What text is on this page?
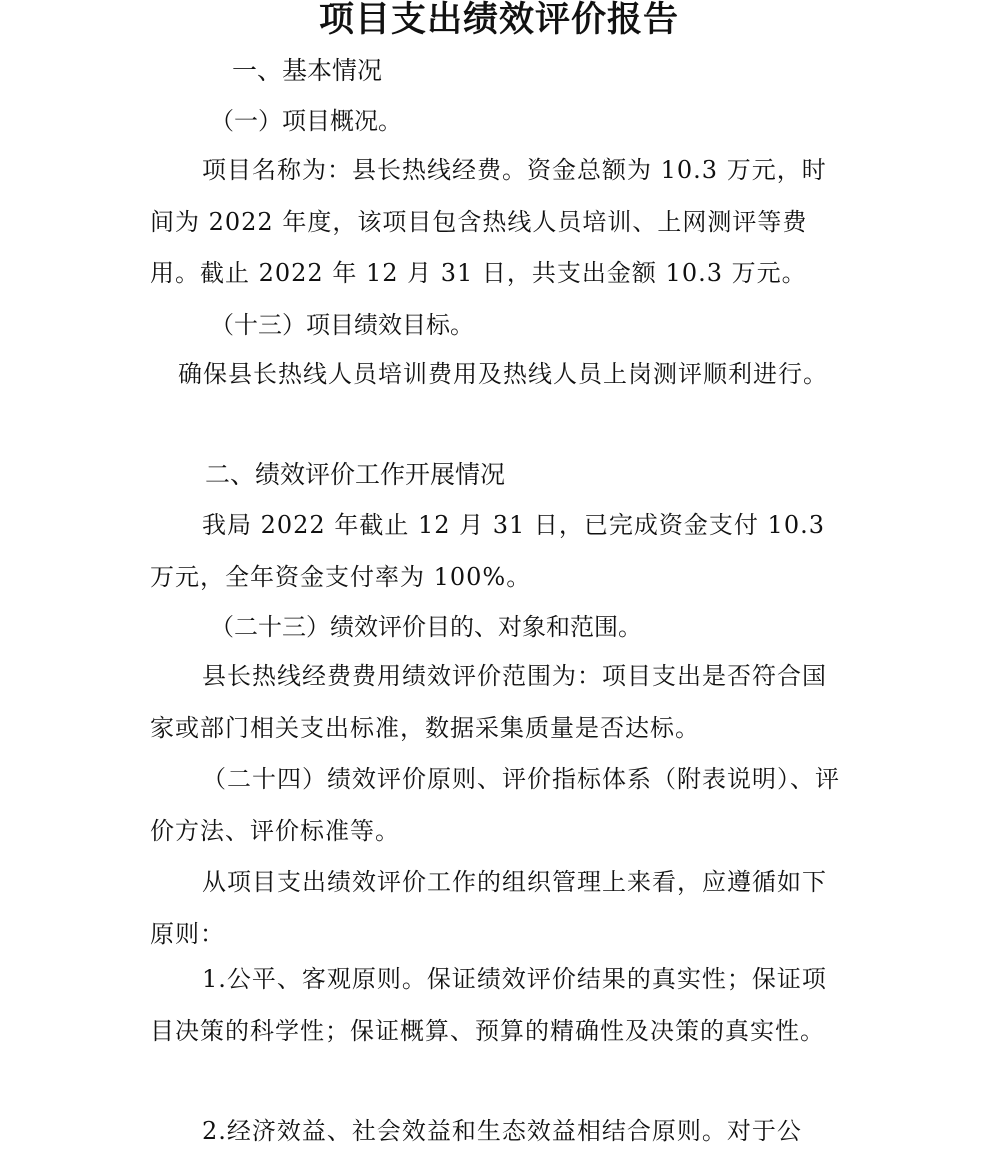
项目支出绩效评价报告
一、基本情况
（一）项目概况。

项目名称为：县长热线经费。资金总额为 10.3 万元，时间为 2022 年度，该项目包含热线人员培训、上网测评等费用。截止 2022 年 12 月 31 日，共支出金额 10.3 万元。

（十三）项目绩效目标。

确保县长热线人员培训费用及热线人员上岗测评顺利进行。

二、绩效评价工作开展情况

我局 2022 年截止 12 月 31 日，已完成资金支付 10.3 万元，全年资金支付率为 100%。

（二十三）绩效评价目的、对象和范围。

县长热线经费费用绩效评价范围为：项目支出是否符合国家或部门相关支出标准，数据采集质量是否达标。

（二十四）绩效评价原则、评价指标体系（附表说明）、评价方法、评价标准等。

从项目支出绩效评价工作的组织管理上来看，应遵循如下原则：

1.公平、客观原则。保证绩效评价结果的真实性；保证项目决策的科学性；保证概算、预算的精确性及决策的真实性。

2.经济效益、社会效益和生态效益相结合原则。对于公
